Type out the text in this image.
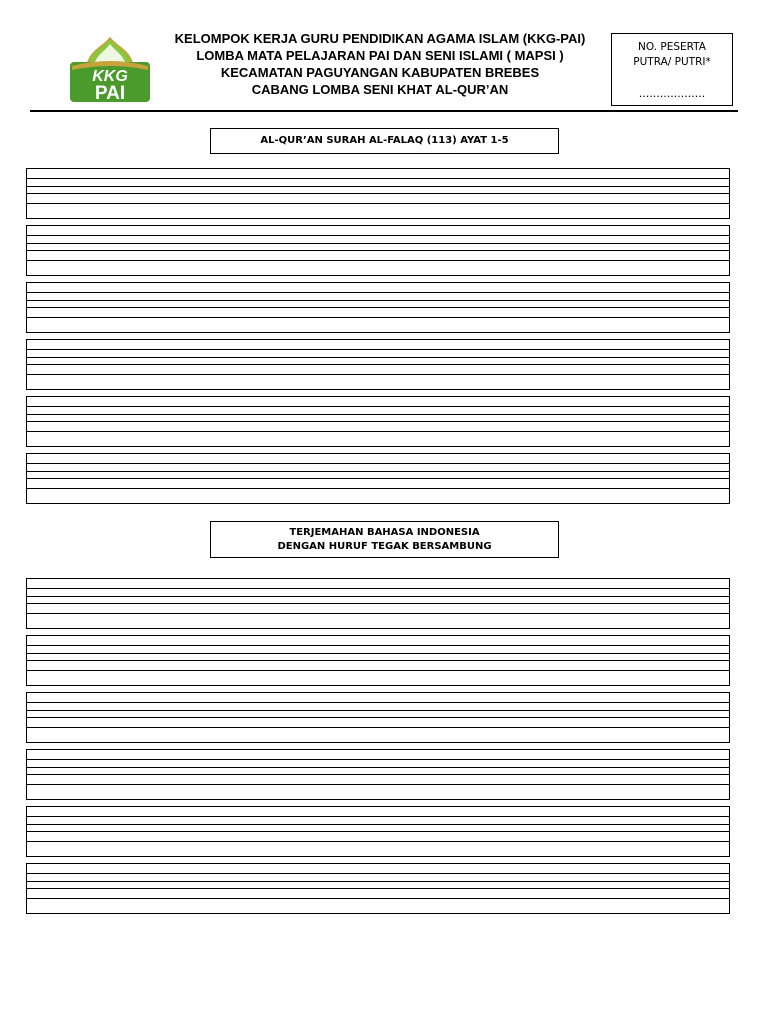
KKG
PAI
KELOMPOK KERJA GURU PENDIDIKAN AGAMA ISLAM (KKG-PAI)
LOMBA MATA PELAJARAN PAI DAN SENI ISLAMI ( MAPSI )
KECAMATAN PAGUYANGAN KABUPATEN BREBES
CABANG LOMBA SENI KHAT AL-QUR’AN
NO. PESERTA
PUTRA/ PUTRI*
...................
AL-QUR’AN SURAH AL-FALAQ (113) AYAT 1-5
TERJEMAHAN BAHASA INDONESIA
DENGAN HURUF TEGAK BERSAMBUNG
